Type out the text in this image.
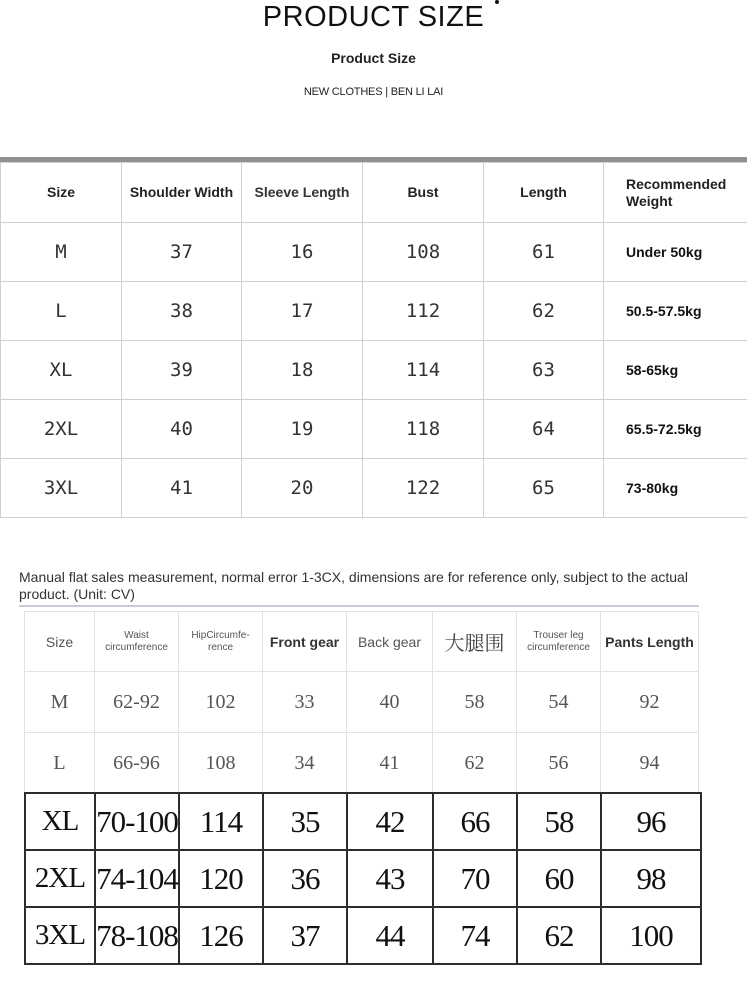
PRODUCT SIZE
Product Size
NEW CLOTHES | BEN LI LAI
Size	Shoulder Width	Sleeve Length	Bust	Length	Recommended Weight
M	37	16	108	61	Under 50kg
L	38	17	112	62	50.5-57.5kg
XL	39	18	114	63	58-65kg
2XL	40	19	118	64	65.5-72.5kg
3XL	41	20	122	65	73-80kg
Manual flat sales measurement, normal error 1-3CX, dimensions are for reference only, subject to the actual product. (Unit: CV)
Size	Waist circumference	HipCircumfe-rence	Front gear	Back gear	大腿围	Trouser leg circumference	Pants Length
M	62-92	102	33	40	58	54	92
L	66-96	108	34	41	62	56	94
XL	70-100	114	35	42	66	58	96
2XL	74-104	120	36	43	70	60	98
3XL	78-108	126	37	44	74	62	100
